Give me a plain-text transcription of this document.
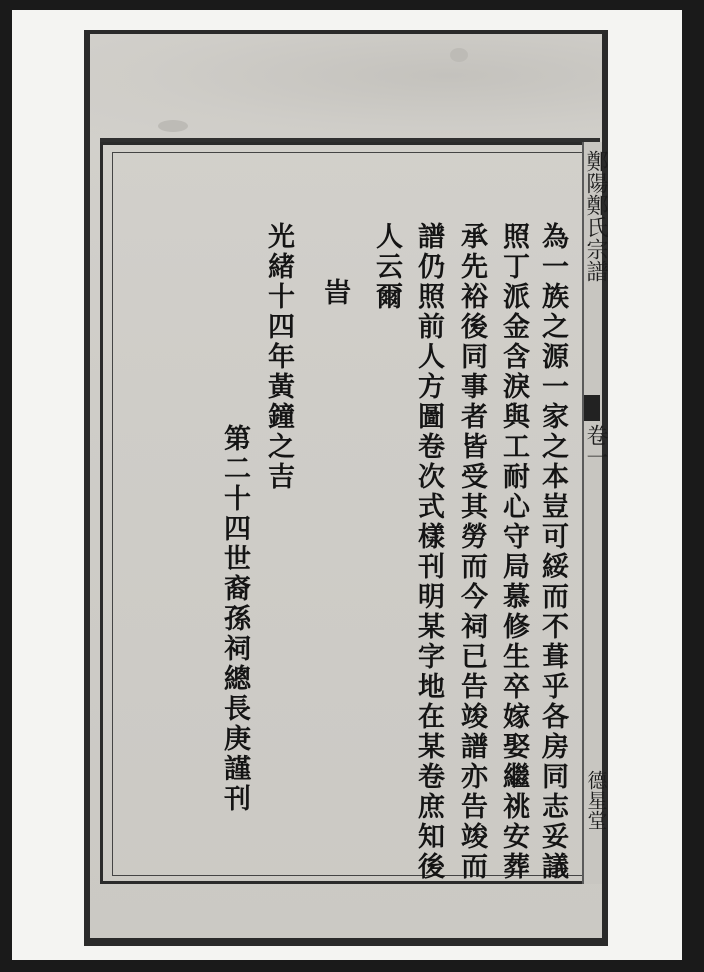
鄭陽鄭氏宗譜
卷一
德星堂
為一族之源一家之本豈可綏而不葺乎各房同志妥議
照丁派金含淚與工耐心守局慕修生卒嫁娶繼祧安葬
承先裕後同事者皆受其勞而今祠已告竣譜亦告竣而
譜仍照前人方圖卷次式樣刊明某字地在某卷庶知後
人云爾
旹
光緒十四年黃鐘之吉
第二十四世裔孫祠總長庚謹刊
